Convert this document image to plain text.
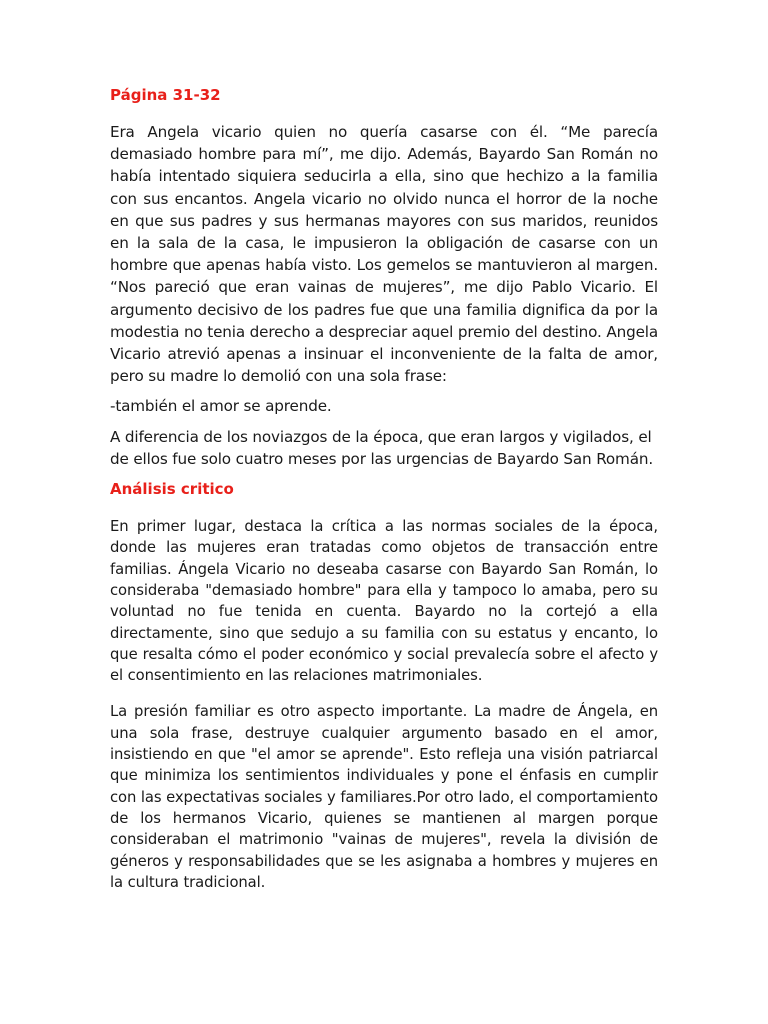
Página 31-32

Era Angela vicario quien no quería casarse con él. “Me parecía demasiado hombre para mí”, me dijo. Además, Bayardo San Román no había intentado siquiera seducirla a ella, sino que hechizo a la familia con sus encantos. Angela vicario no olvido nunca el horror de la noche en que sus padres y sus hermanas mayores con sus maridos, reunidos en la sala de la casa, le impusieron la obligación de casarse con un hombre que apenas había visto. Los gemelos se mantuvieron al margen. “Nos pareció que eran vainas de mujeres”, me dijo Pablo Vicario. El argumento decisivo de los padres fue que una familia dignifica da por la modestia no tenia derecho a despreciar aquel premio del destino. Angela Vicario atrevió apenas a insinuar el inconveniente de la falta de amor, pero su madre lo demolió con una sola frase:

-también el amor se aprende.

A diferencia de los noviazgos de la época, que eran largos y vigilados, el de ellos fue solo cuatro meses por las urgencias de Bayardo San Román.

Análisis critico

En primer lugar, destaca la crítica a las normas sociales de la época, donde las mujeres eran tratadas como objetos de transacción entre familias. Ángela Vicario no deseaba casarse con Bayardo San Román, lo consideraba "demasiado hombre" para ella y tampoco lo amaba, pero su voluntad no fue tenida en cuenta. Bayardo no la cortejó a ella directamente, sino que sedujo a su familia con su estatus y encanto, lo que resalta cómo el poder económico y social prevalecía sobre el afecto y el consentimiento en las relaciones matrimoniales.

La presión familiar es otro aspecto importante. La madre de Ángela, en una sola frase, destruye cualquier argumento basado en el amor, insistiendo en que "el amor se aprende". Esto refleja una visión patriarcal que minimiza los sentimientos individuales y pone el énfasis en cumplir con las expectativas sociales y familiares.Por otro lado, el comportamiento de los hermanos Vicario, quienes se mantienen al margen porque consideraban el matrimonio "vainas de mujeres", revela la división de géneros y responsabilidades que se les asignaba a hombres y mujeres en la cultura tradicional.
